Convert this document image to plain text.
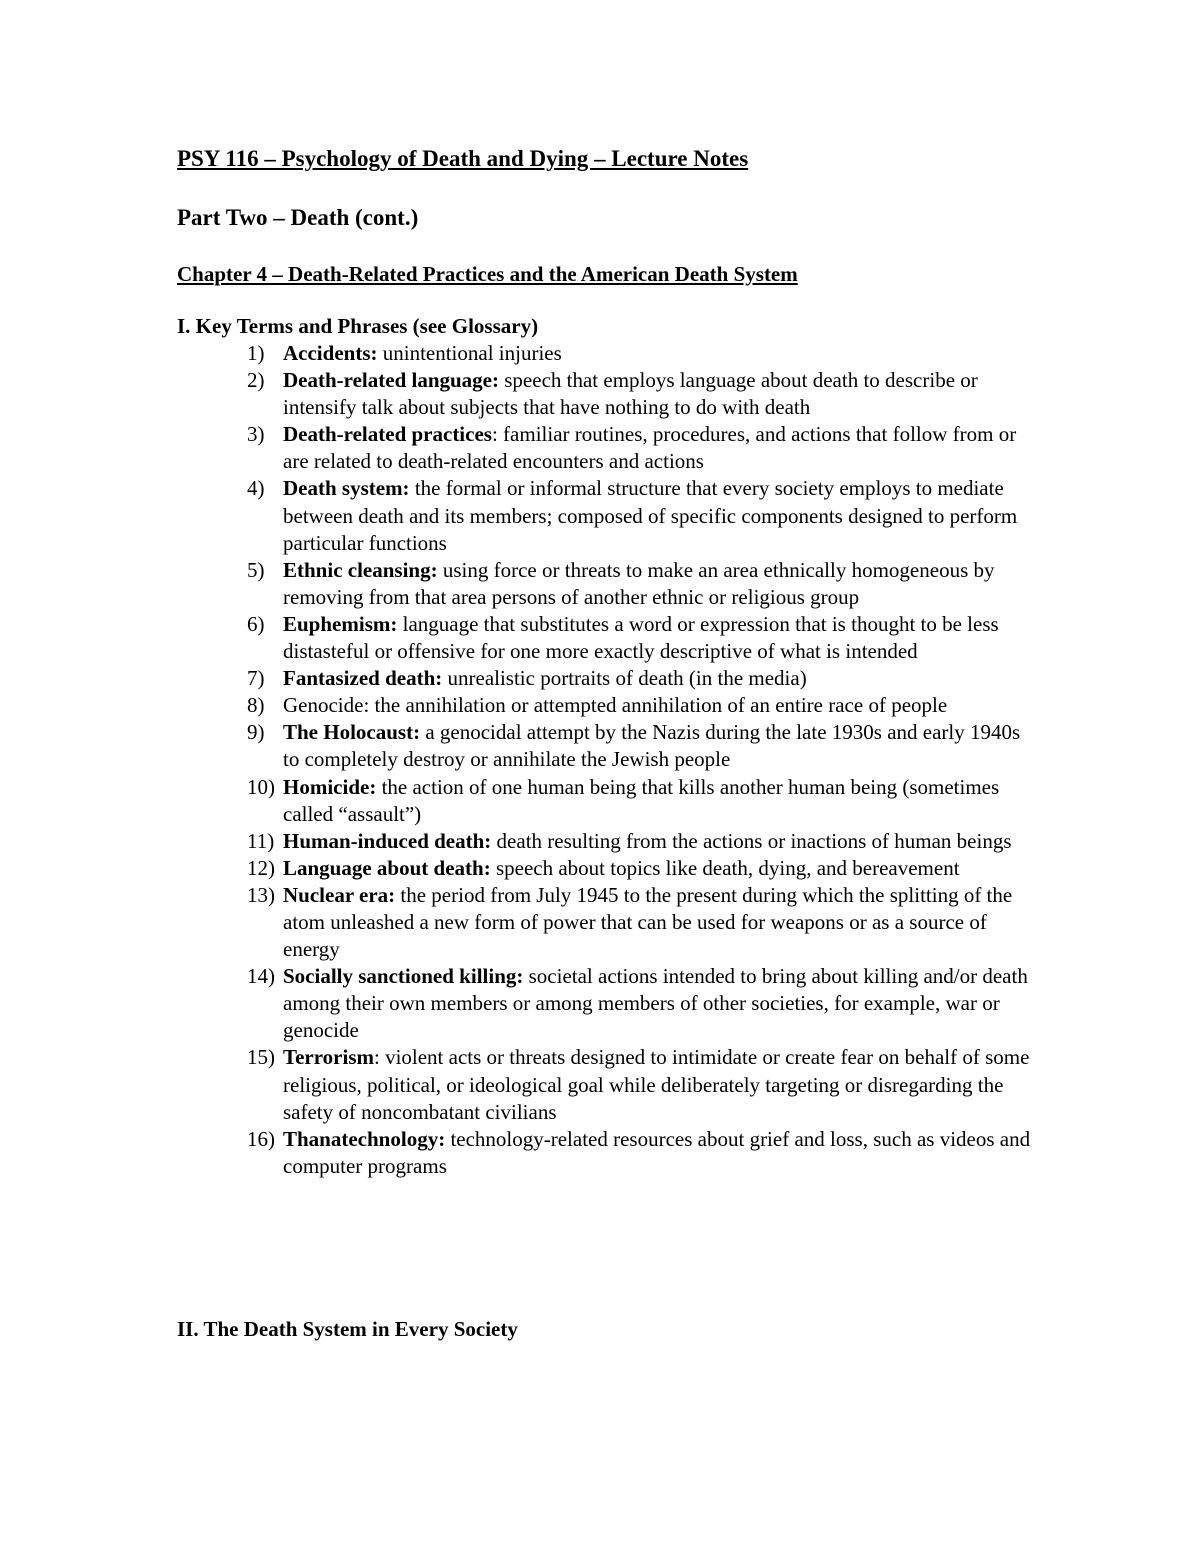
PSY 116 – Psychology of Death and Dying – Lecture Notes
Part Two – Death (cont.)
Chapter 4 – Death-Related Practices and the American Death System
I. Key Terms and Phrases (see Glossary)
1) Accidents: unintentional injuries
2) Death-related language: speech that employs language about death to describe or intensify talk about subjects that have nothing to do with death
3) Death-related practices: familiar routines, procedures, and actions that follow from or are related to death-related encounters and actions
4) Death system: the formal or informal structure that every society employs to mediate between death and its members; composed of specific components designed to perform particular functions
5) Ethnic cleansing: using force or threats to make an area ethnically homogeneous by removing from that area persons of another ethnic or religious group
6) Euphemism: language that substitutes a word or expression that is thought to be less distasteful or offensive for one more exactly descriptive of what is intended
7) Fantasized death: unrealistic portraits of death (in the media)
8) Genocide: the annihilation or attempted annihilation of an entire race of people
9) The Holocaust: a genocidal attempt by the Nazis during the late 1930s and early 1940s to completely destroy or annihilate the Jewish people
10) Homicide: the action of one human being that kills another human being (sometimes called “assault”)
11) Human-induced death: death resulting from the actions or inactions of human beings
12) Language about death: speech about topics like death, dying, and bereavement
13) Nuclear era: the period from July 1945 to the present during which the splitting of the atom unleashed a new form of power that can be used for weapons or as a source of energy
14) Socially sanctioned killing: societal actions intended to bring about killing and/or death among their own members or among members of other societies, for example, war or genocide
15) Terrorism: violent acts or threats designed to intimidate or create fear on behalf of some religious, political, or ideological goal while deliberately targeting or disregarding the safety of noncombatant civilians
16) Thanatechnology: technology-related resources about grief and loss, such as videos and computer programs
II. The Death System in Every Society
